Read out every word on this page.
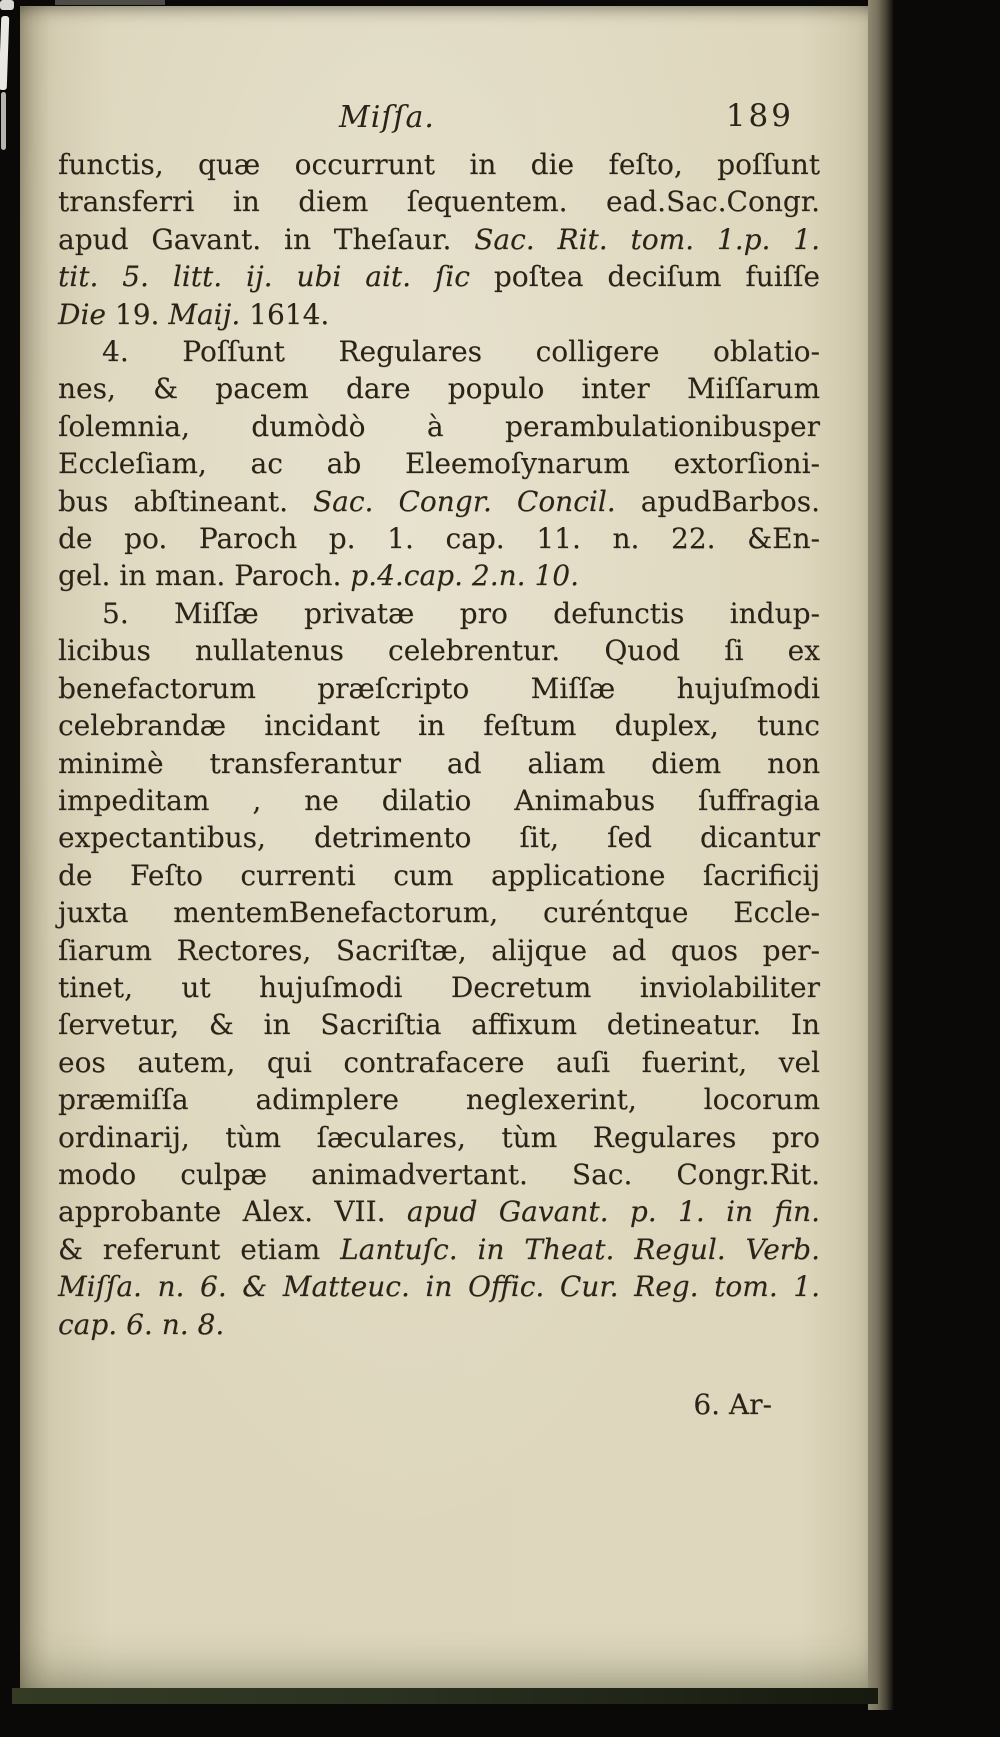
Miſſa.	189
functis, quæ occurrunt in die feſto, poſſunt
transferri in diem ſequentem. ead.Sac.Congr.
apud Gavant. in Theſaur. Sac. Rit. tom. 1.p. 1.
tit. 5. litt. ij. ubi ait. ſic poſtea deciſum fuiſſe
Die 19. Maij. 1614.
4. Poſſunt Regulares colligere oblatio-
nes, & pacem dare populo inter Miſſarum
ſolemnia, dumòdò à perambulationibusper
Eccleſiam, ac ab Eleemoſynarum extorſioni-
bus abſtineant. Sac. Congr. Concil. apudBarbos.
de po. Paroch p. 1. cap. 11. n. 22. &En-
gel. in man. Paroch. p.4.cap. 2.n. 10.
5. Miſſæ privatæ pro defunctis indup-
licibus nullatenus celebrentur. Quod ſi ex
benefactorum præſcripto Miſſæ hujuſmodi
celebrandæ incidant in feſtum duplex, tunc
minimè transferantur ad aliam diem non
impeditam , ne dilatio Animabus ſuffragia
expectantibus, detrimento ſit, ſed dicantur
de Feſto currenti cum applicatione ſacrificij
juxta mentemBenefactorum, curéntque Eccle-
ſiarum Rectores, Sacriſtæ, alijque ad quos per-
tinet, ut hujuſmodi Decretum inviolabiliter
ſervetur, & in Sacriſtia affixum detineatur. In
eos autem, qui contrafacere auſi fuerint, vel
præmiſſa adimplere neglexerint, locorum
ordinarij, tùm ſæculares, tùm Regulares pro
modo culpæ animadvertant. Sac. Congr.Rit.
approbante Alex. VII. apud Gavant. p. 1. in fin.
& referunt etiam Lantuſc. in Theat. Regul. Verb.
Miſſa. n. 6. & Matteuc. in Offic. Cur. Reg. tom. 1.
cap. 6. n. 8.
6. Ar-
